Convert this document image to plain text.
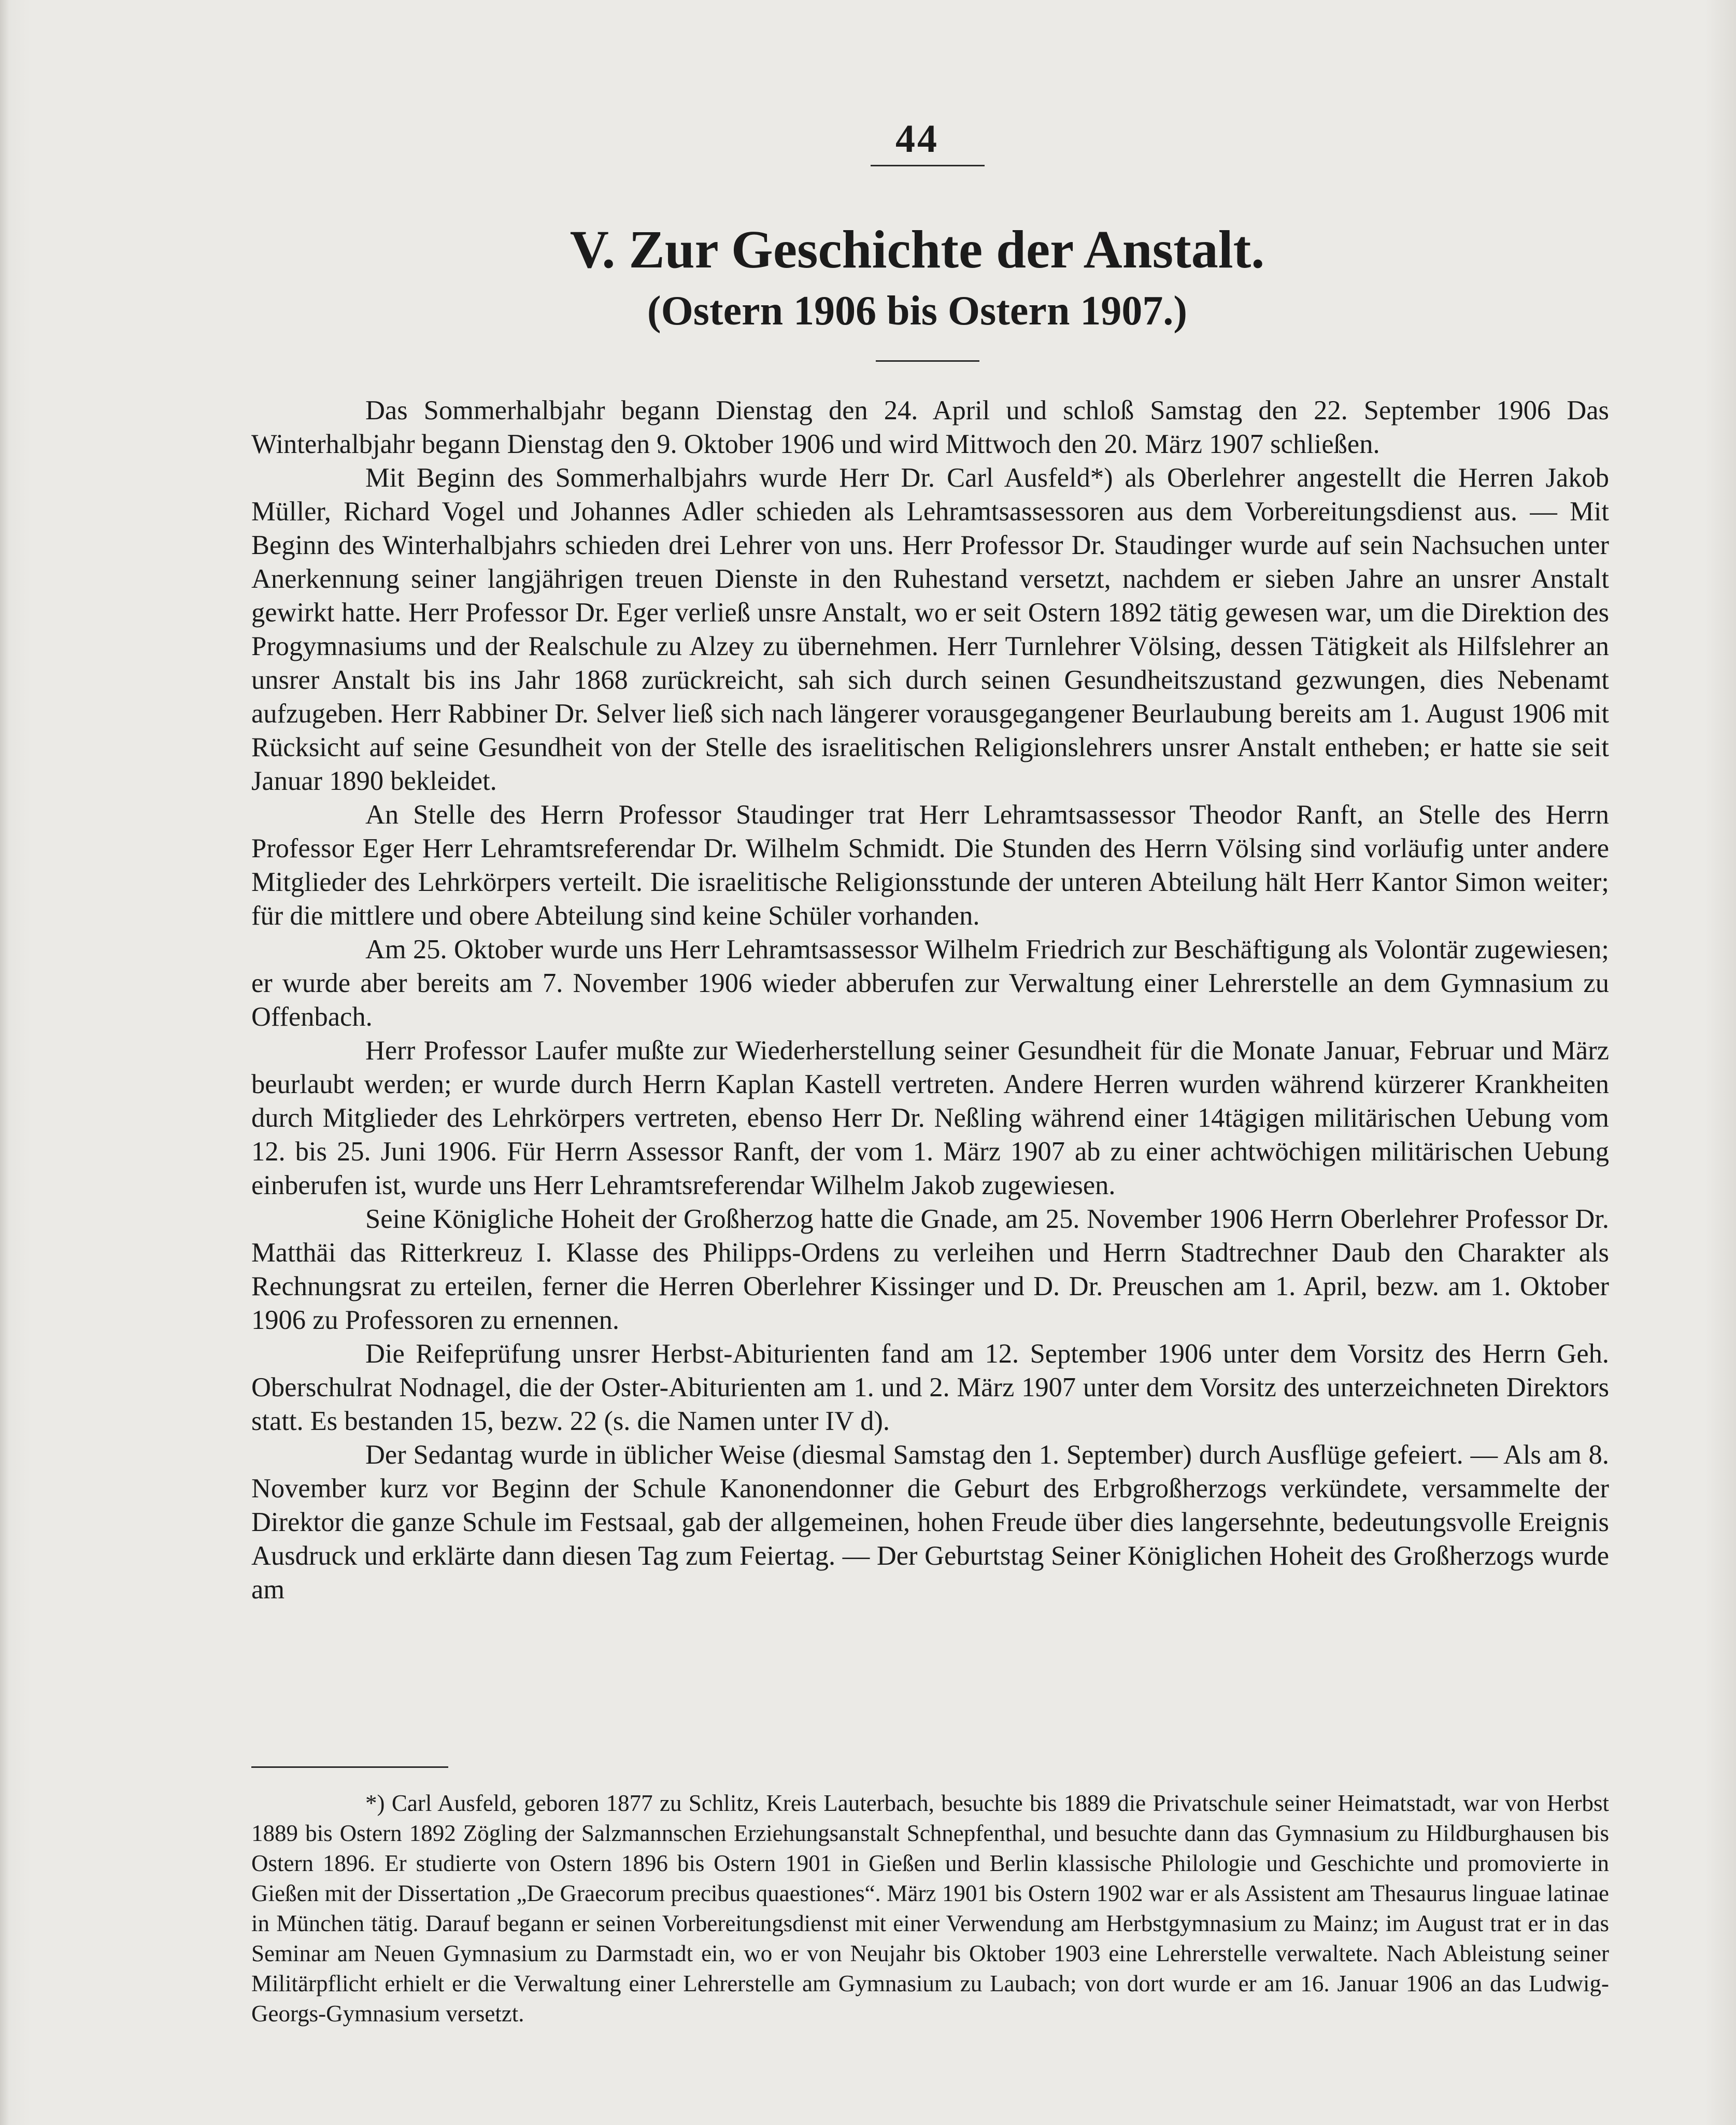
44
V. Zur Geschichte der Anstalt.
(Ostern 1906 bis Ostern 1907.)

Das Sommerhalbjahr begann Dienstag den 24. April und schloß Samstag den 22. September 1906 Das Winterhalbjahr begann Dienstag den 9. Oktober 1906 und wird Mittwoch den 20. März 1907 schließen.

Mit Beginn des Sommerhalbjahrs wurde Herr Dr. Carl Ausfeld*) als Oberlehrer angestellt die Herren Jakob Müller, Richard Vogel und Johannes Adler schieden als Lehramtsassessoren aus dem Vorbereitungsdienst aus. — Mit Beginn des Winterhalbjahrs schieden drei Lehrer von uns. Herr Professor Dr. Staudinger wurde auf sein Nachsuchen unter Anerkennung seiner langjährigen treuen Dienste in den Ruhestand versetzt, nachdem er sieben Jahre an unsrer Anstalt gewirkt hatte. Herr Professor Dr. Eger verließ unsre Anstalt, wo er seit Ostern 1892 tätig gewesen war, um die Direktion des Progymnasiums und der Realschule zu Alzey zu übernehmen. Herr Turnlehrer Völsing, dessen Tätigkeit als Hilfslehrer an unsrer Anstalt bis ins Jahr 1868 zurückreicht, sah sich durch seinen Gesundheitszustand gezwungen, dies Nebenamt aufzugeben. Herr Rabbiner Dr. Selver ließ sich nach längerer vorausgegangener Beurlaubung bereits am 1. August 1906 mit Rücksicht auf seine Gesundheit von der Stelle des israelitischen Religionslehrers unsrer Anstalt entheben; er hatte sie seit Januar 1890 bekleidet.

An Stelle des Herrn Professor Staudinger trat Herr Lehramtsassessor Theodor Ranft, an Stelle des Herrn Professor Eger Herr Lehramtsreferendar Dr. Wilhelm Schmidt. Die Stunden des Herrn Völsing sind vorläufig unter andere Mitglieder des Lehrkörpers verteilt. Die israelitische Religionsstunde der unteren Abteilung hält Herr Kantor Simon weiter; für die mittlere und obere Abteilung sind keine Schüler vorhanden.

Am 25. Oktober wurde uns Herr Lehramtsassessor Wilhelm Friedrich zur Beschäftigung als Volontär zugewiesen; er wurde aber bereits am 7. November 1906 wieder abberufen zur Verwaltung einer Lehrerstelle an dem Gymnasium zu Offenbach.

Herr Professor Laufer mußte zur Wiederherstellung seiner Gesundheit für die Monate Januar, Februar und März beurlaubt werden; er wurde durch Herrn Kaplan Kastell vertreten. Andere Herren wurden während kürzerer Krankheiten durch Mitglieder des Lehrkörpers vertreten, ebenso Herr Dr. Neßling während einer 14tägigen militärischen Uebung vom 12. bis 25. Juni 1906. Für Herrn Assessor Ranft, der vom 1. März 1907 ab zu einer achtwöchigen militärischen Uebung einberufen ist, wurde uns Herr Lehramtsreferendar Wilhelm Jakob zugewiesen.

Seine Königliche Hoheit der Großherzog hatte die Gnade, am 25. November 1906 Herrn Oberlehrer Professor Dr. Matthäi das Ritterkreuz I. Klasse des Philipps-Ordens zu verleihen und Herrn Stadtrechner Daub den Charakter als Rechnungsrat zu erteilen, ferner die Herren Oberlehrer Kissinger und D. Dr. Preuschen am 1. April, bezw. am 1. Oktober 1906 zu Professoren zu ernennen.

Die Reifeprüfung unsrer Herbst-Abiturienten fand am 12. September 1906 unter dem Vorsitz des Herrn Geh. Oberschulrat Nodnagel, die der Oster-Abiturienten am 1. und 2. März 1907 unter dem Vorsitz des unterzeichneten Direktors statt. Es bestanden 15, bezw. 22 (s. die Namen unter IV d).

Der Sedantag wurde in üblicher Weise (diesmal Samstag den 1. September) durch Ausflüge gefeiert. — Als am 8. November kurz vor Beginn der Schule Kanonendonner die Geburt des Erbgroßherzogs verkündete, versammelte der Direktor die ganze Schule im Festsaal, gab der allgemeinen, hohen Freude über dies langersehnte, bedeutungsvolle Ereignis Ausdruck und erklärte dann diesen Tag zum Feiertag. — Der Geburtstag Seiner Königlichen Hoheit des Großherzogs wurde am

*) Carl Ausfeld, geboren 1877 zu Schlitz, Kreis Lauterbach, besuchte bis 1889 die Privatschule seiner Heimatstadt, war von Herbst 1889 bis Ostern 1892 Zögling der Salzmannschen Erziehungsanstalt Schnepfenthal, und besuchte dann das Gymnasium zu Hildburghausen bis Ostern 1896. Er studierte von Ostern 1896 bis Ostern 1901 in Gießen und Berlin klassische Philologie und Geschichte und promovierte in Gießen mit der Dissertation „De Graecorum precibus quaestiones“. März 1901 bis Ostern 1902 war er als Assistent am Thesaurus linguae latinae in München tätig. Darauf begann er seinen Vorbereitungsdienst mit einer Verwendung am Herbstgymnasium zu Mainz; im August trat er in das Seminar am Neuen Gymnasium zu Darmstadt ein, wo er von Neujahr bis Oktober 1903 eine Lehrerstelle verwaltete. Nach Ableistung seiner Militärpflicht erhielt er die Verwaltung einer Lehrerstelle am Gymnasium zu Laubach; von dort wurde er am 16. Januar 1906 an das Ludwig-Georgs-Gymnasium versetzt.
